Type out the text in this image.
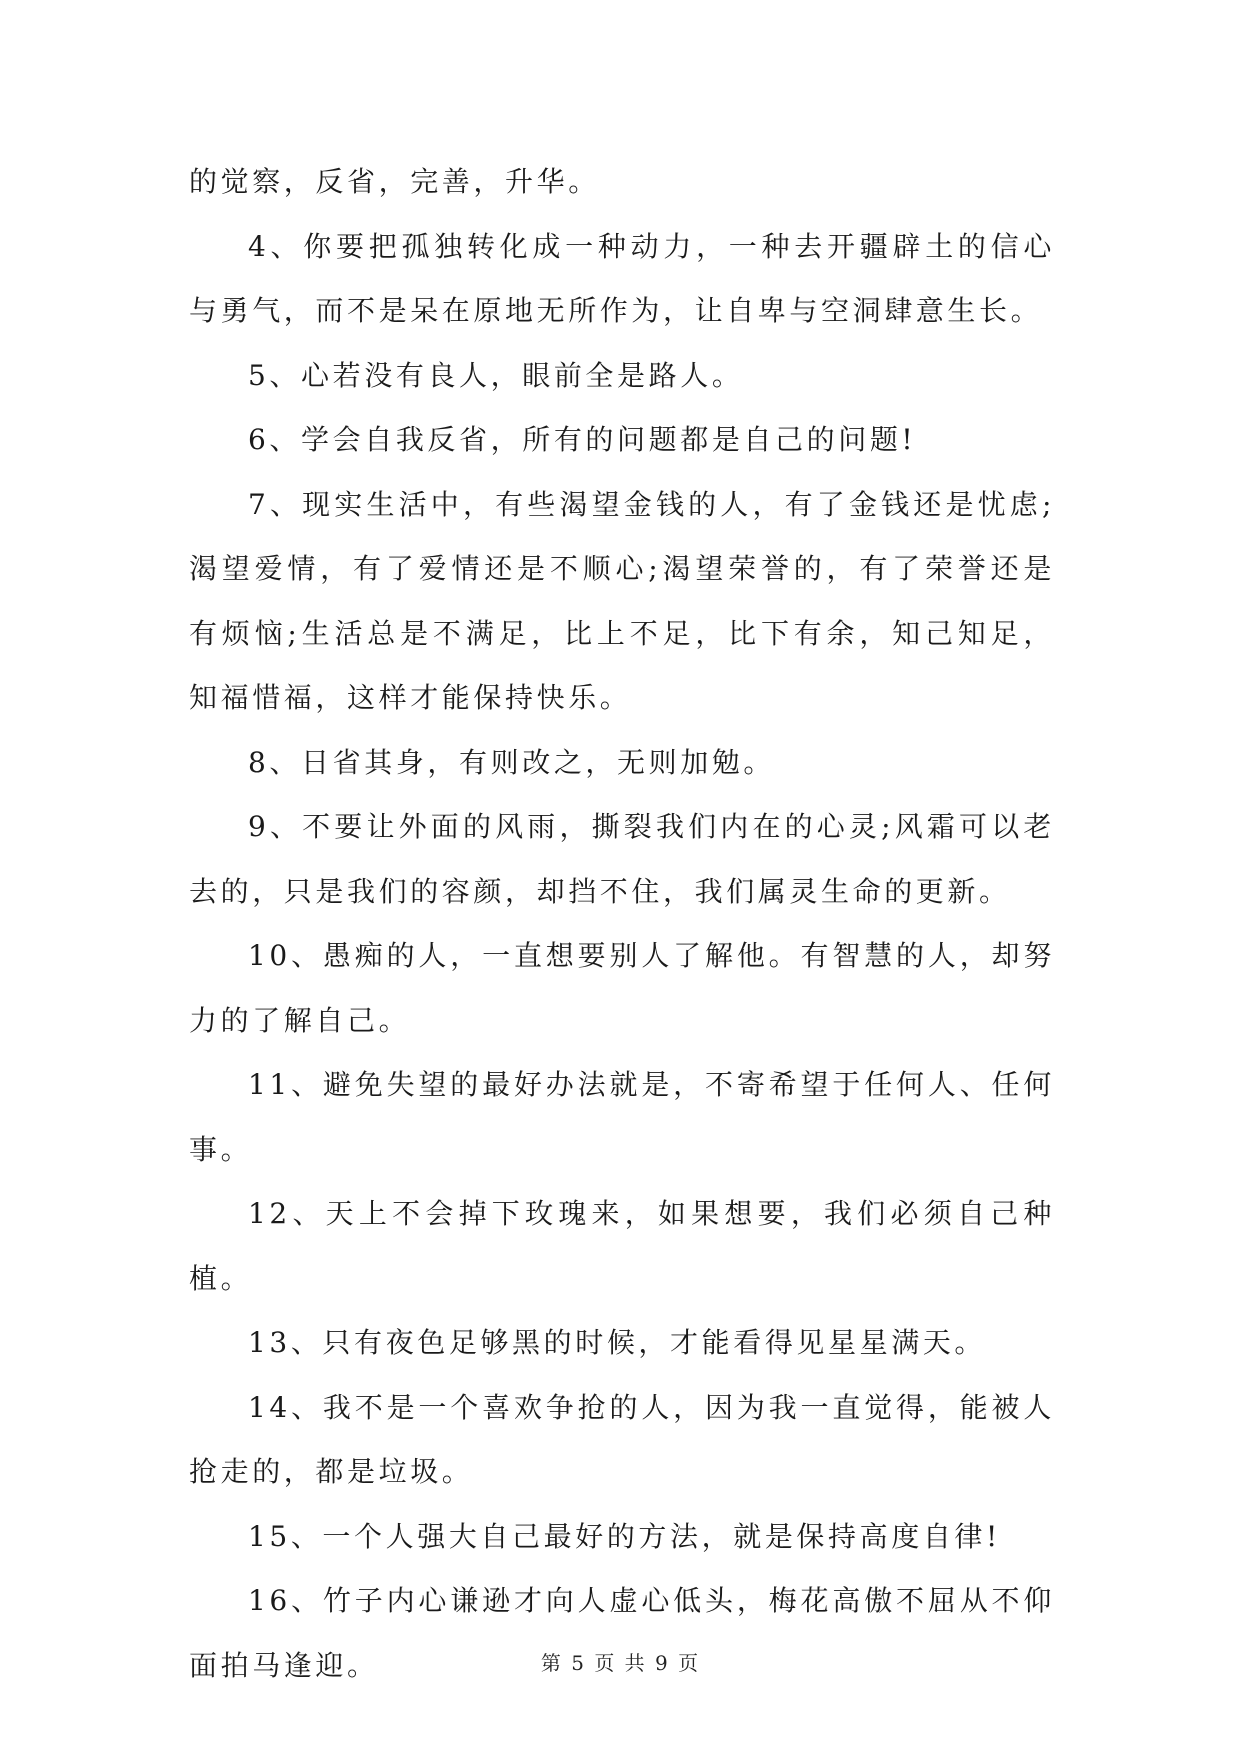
的觉察，反省，完善，升华。

4、你要把孤独转化成一种动力，一种去开疆辟土的信心与勇气，而不是呆在原地无所作为，让自卑与空洞肆意生长。

5、心若没有良人，眼前全是路人。

6、学会自我反省，所有的问题都是自己的问题!

7、现实生活中，有些渴望金钱的人，有了金钱还是忧虑;渴望爱情，有了爱情还是不顺心;渴望荣誉的，有了荣誉还是有烦恼;生活总是不满足，比上不足，比下有余，知己知足，知福惜福，这样才能保持快乐。

8、日省其身，有则改之，无则加勉。

9、不要让外面的风雨，撕裂我们内在的心灵;风霜可以老去的，只是我们的容颜，却挡不住，我们属灵生命的更新。

10、愚痴的人，一直想要别人了解他。有智慧的人，却努力的了解自己。

11、避免失望的最好办法就是，不寄希望于任何人、任何事。

12、天上不会掉下玫瑰来，如果想要，我们必须自己种植。

13、只有夜色足够黑的时候，才能看得见星星满天。

14、我不是一个喜欢争抢的人，因为我一直觉得，能被人抢走的，都是垃圾。

15、一个人强大自己最好的方法，就是保持高度自律!

16、竹子内心谦逊才向人虚心低头，梅花高傲不屈从不仰面拍马逢迎。	第 5 页 共 9 页
